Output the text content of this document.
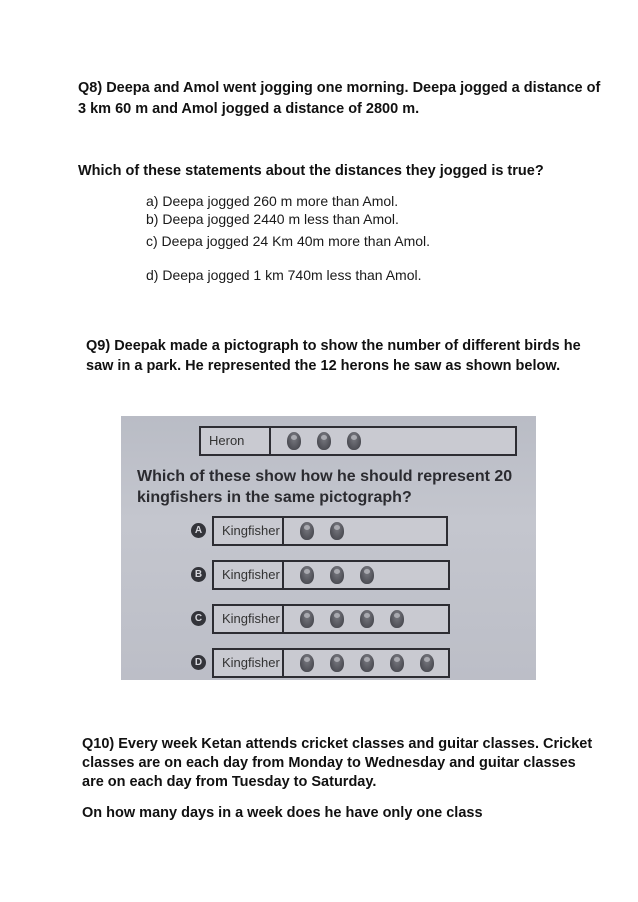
Q8) Deepa and Amol went jogging one morning. Deepa jogged a distance of
3 km 60 m and Amol jogged a distance of 2800 m.
Which of these statements about the distances they jogged is true?
a) Deepa jogged 260 m more than Amol.
b) Deepa jogged 2440 m less than Amol.
c) Deepa jogged 24 Km 40m more than Amol.
d) Deepa jogged 1 km 740m less than Amol.
Q9) Deepak made a pictograph to show the number of different birds he
saw in a park. He represented the 12 herons he saw as shown below.
Heron
Which of these show how he should represent 20
kingfishers in the same pictograph?
A	Kingfisher
B	Kingfisher
C	Kingfisher
D	Kingfisher
Q10) Every week Ketan attends cricket classes and guitar classes. Cricket
classes are on each day from Monday to Wednesday and guitar classes
are on each day from Tuesday to Saturday.
On how many days in a week does he have only one class
